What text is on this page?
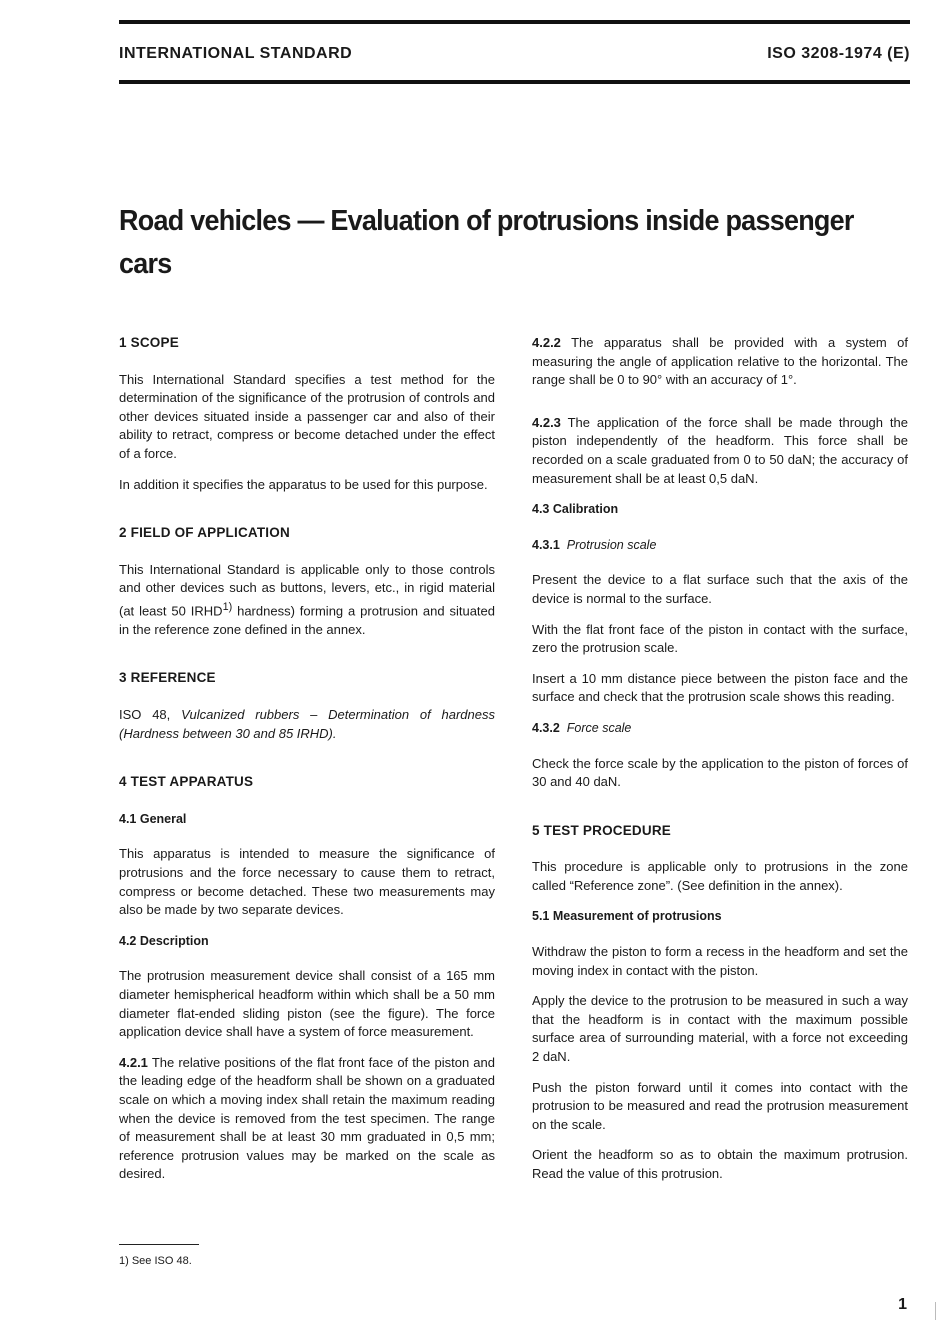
INTERNATIONAL STANDARD	ISO 3208-1974 (E)
Road vehicles — Evaluation of protrusions inside passenger cars
1 SCOPE

This International Standard specifies a test method for the determination of the significance of the protrusion of controls and other devices situated inside a passenger car and also of their ability to retract, compress or become detached under the effect of a force.

In addition it specifies the apparatus to be used for this purpose.

2 FIELD OF APPLICATION

This International Standard is applicable only to those controls and other devices such as buttons, levers, etc., in rigid material (at least 50 IRHD$^{1)}$ hardness) forming a protrusion and situated in the reference zone defined in the annex.

3 REFERENCE

ISO 48, Vulcanized rubbers – Determination of hardness (Hardness between 30 and 85 IRHD).

4 TEST APPARATUS
4.1 General

This apparatus is intended to measure the significance of protrusions and the force necessary to cause them to retract, compress or become detached. These two measurements may also be made by two separate devices.

4.2 Description

The protrusion measurement device shall consist of a 165 mm diameter hemispherical headform within which shall be a 50 mm diameter flat-ended sliding piston (see the figure). The force application device shall have a system of force measurement.

4.2.1 The relative positions of the flat front face of the piston and the leading edge of the headform shall be shown on a graduated scale on which a moving index shall retain the maximum reading when the device is removed from the test specimen. The range of measurement shall be at least 30 mm graduated in 0,5 mm; reference protrusion values may be marked on the scale as desired.

4.2.2 The apparatus shall be provided with a system of measuring the angle of application relative to the horizontal. The range shall be 0 to 90° with an accuracy of 1°.

4.2.3 The application of the force shall be made through the piston independently of the headform. This force shall be recorded on a scale graduated from 0 to 50 daN; the accuracy of measurement shall be at least 0,5 daN.

4.3 Calibration
4.3.1 Protrusion scale

Present the device to a flat surface such that the axis of the device is normal to the surface.

With the flat front face of the piston in contact with the surface, zero the protrusion scale.

Insert a 10 mm distance piece between the piston face and the surface and check that the protrusion scale shows this reading.

4.3.2 Force scale

Check the force scale by the application to the piston of forces of 30 and 40 daN.

5 TEST PROCEDURE

This procedure is applicable only to protrusions in the zone called “Reference zone”. (See definition in the annex).

5.1 Measurement of protrusions

Withdraw the piston to form a recess in the headform and set the moving index in contact with the piston.

Apply the device to the protrusion to be measured in such a way that the headform is in contact with the maximum possible surface area of surrounding material, with a force not exceeding 2 daN.

Push the piston forward until it comes into contact with the protrusion to be measured and read the protrusion measurement on the scale.

Orient the headform so as to obtain the maximum protrusion. Read the value of this protrusion.

1) See ISO 48.
1
